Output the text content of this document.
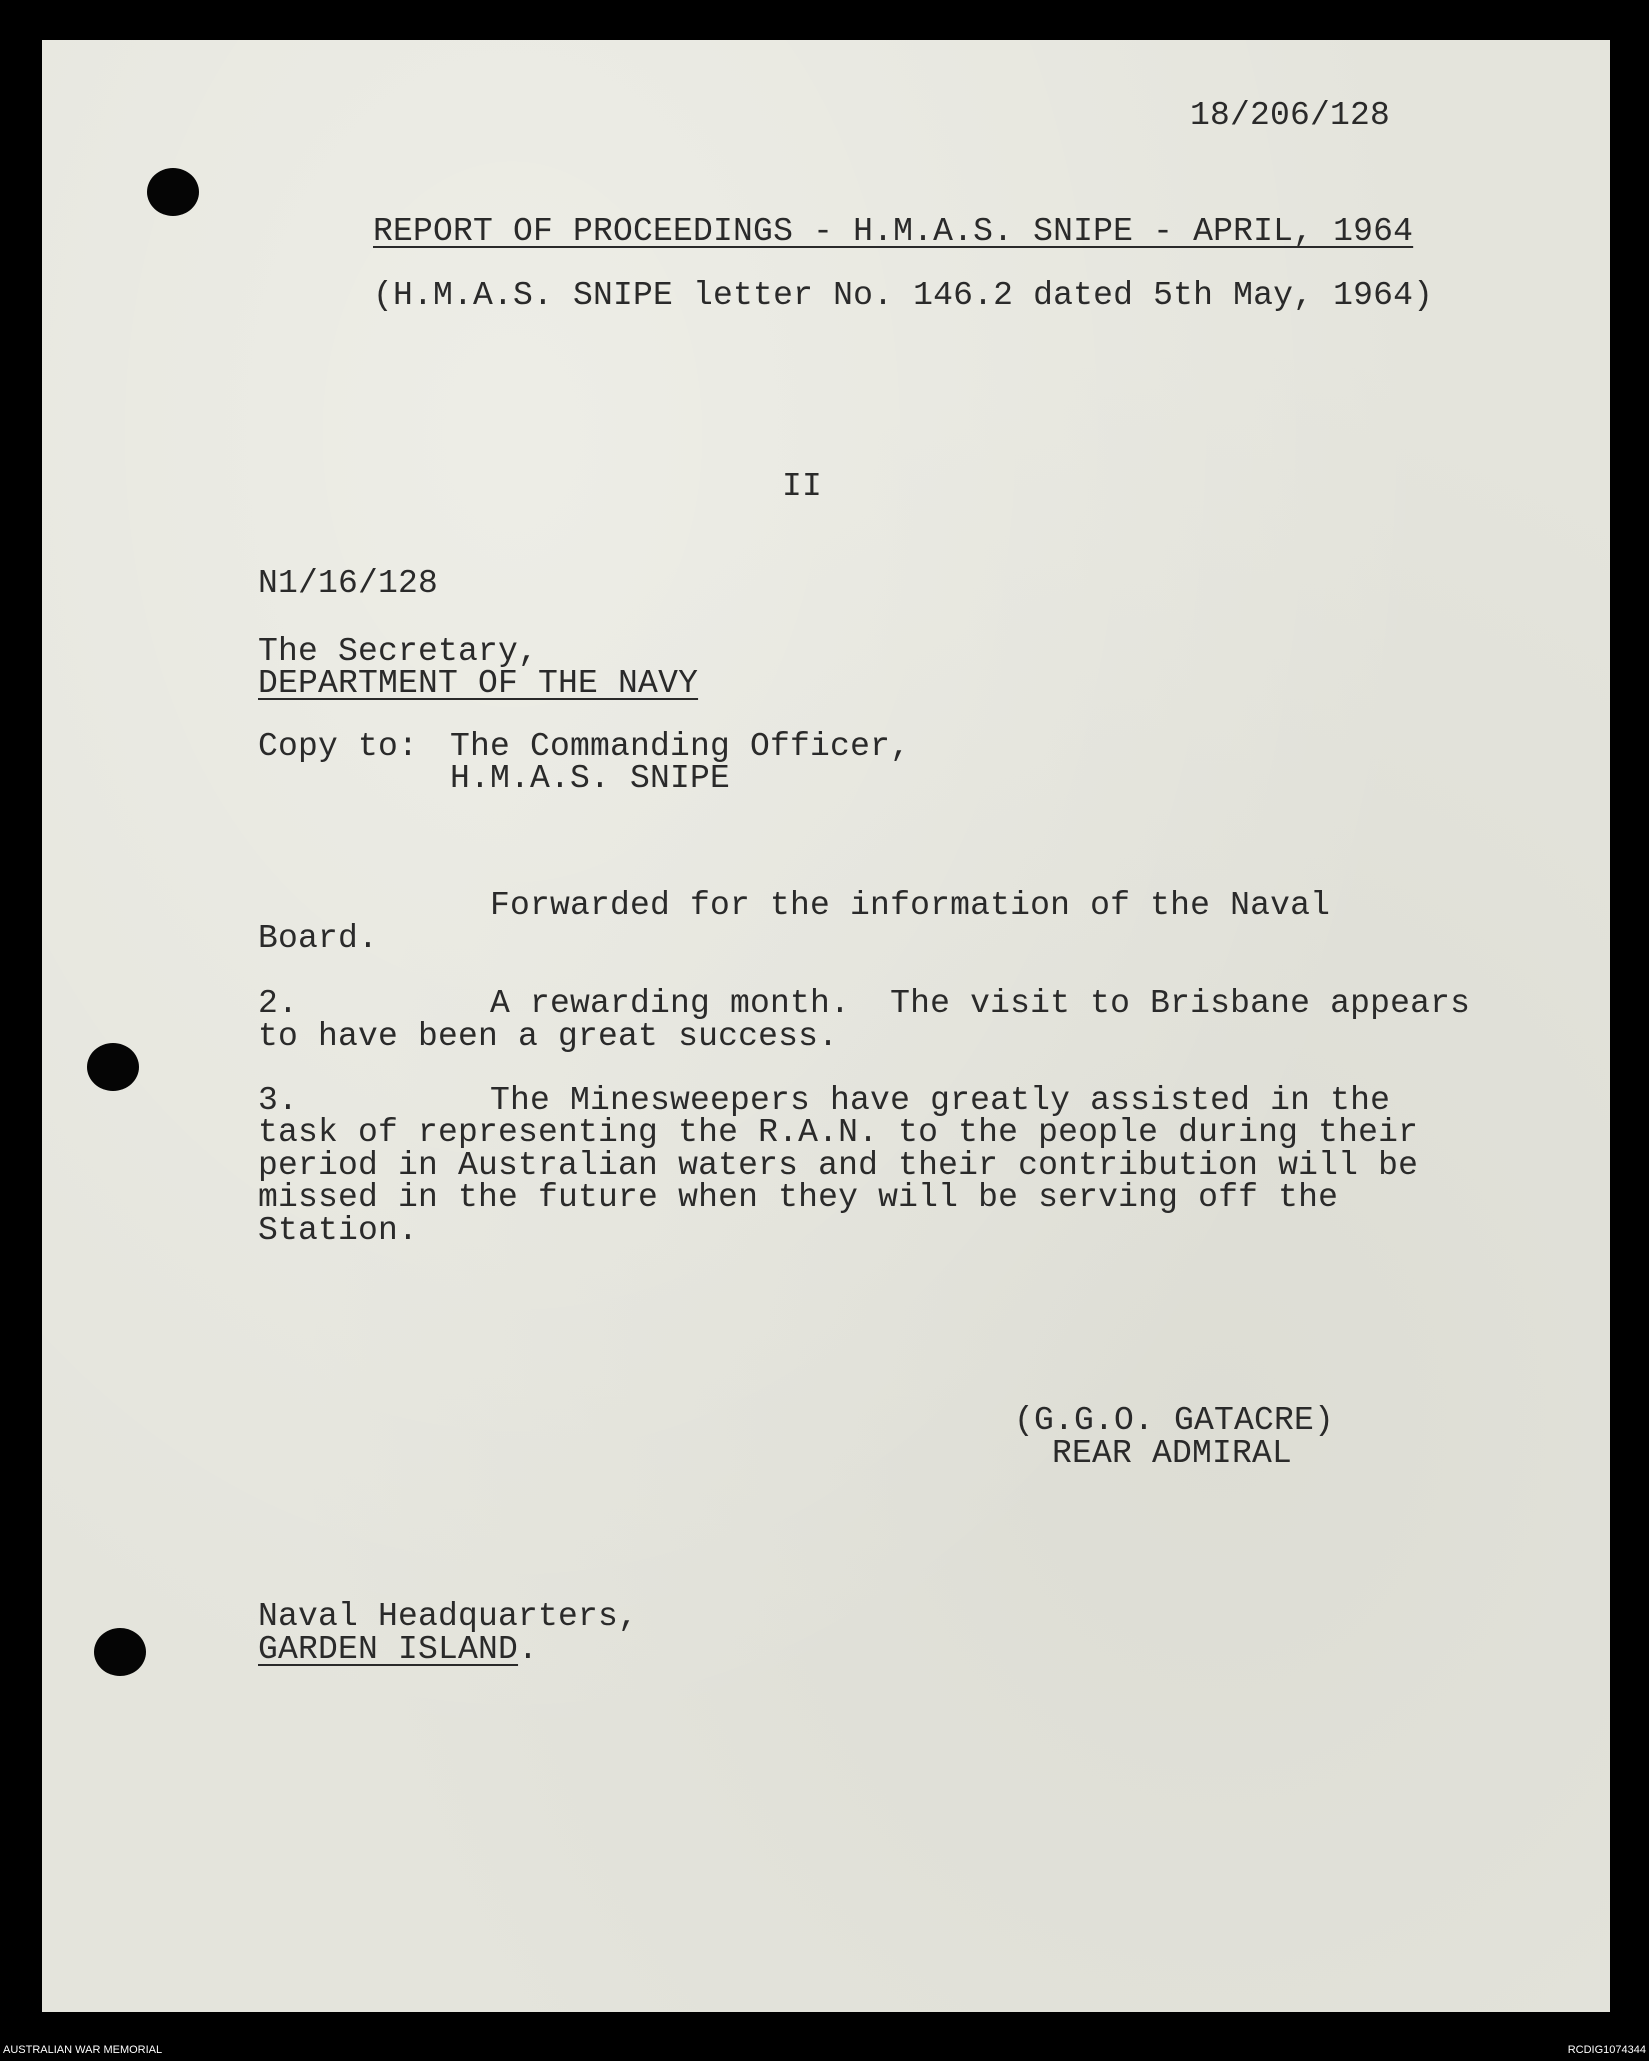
18/206/128
REPORT OF PROCEEDINGS - H.M.A.S. SNIPE - APRIL, 1964
(H.M.A.S. SNIPE letter No. 146.2 dated 5th May, 1964)
II
N1/16/128
The Secretary,
DEPARTMENT OF THE NAVY
Copy to: The Commanding Officer,
H.M.A.S. SNIPE
Forwarded for the information of the Naval
Board.
2.	A rewarding month.  The visit to Brisbane appears
to have been a great success.
3.	The Minesweepers have greatly assisted in the
task of representing the R.A.N. to the people during their
period in Australian waters and their contribution will be
missed in the future when they will be serving off the
Station.
(G.G.O. GATACRE)
REAR ADMIRAL
Naval Headquarters,
GARDEN ISLAND.
AUSTRALIAN WAR MEMORIAL	RCDIG1074344
